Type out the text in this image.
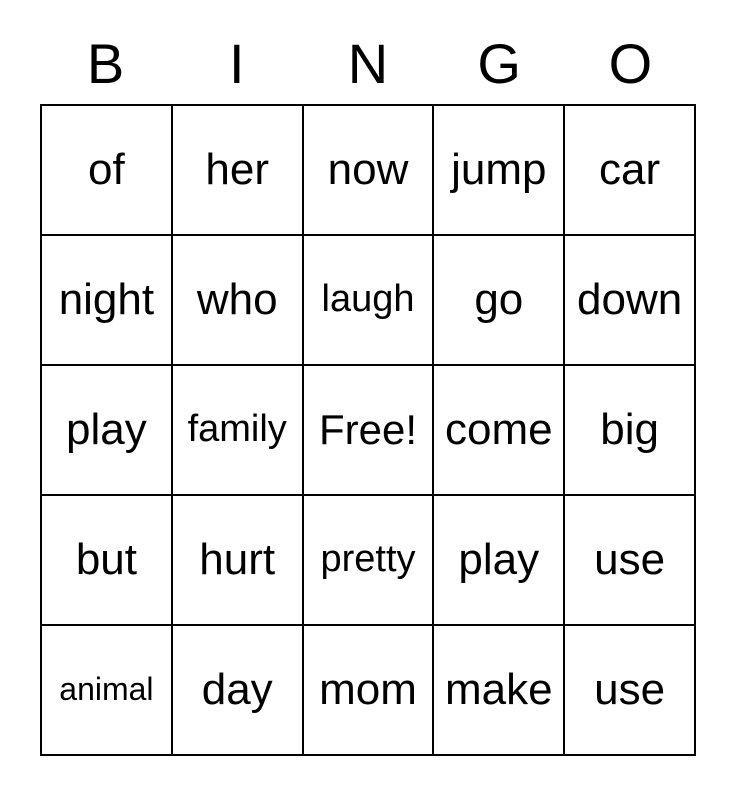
B I N G O
of her now jump car
night who laugh go down
play family Free! come big
but hurt pretty play use
animal day mom make use
